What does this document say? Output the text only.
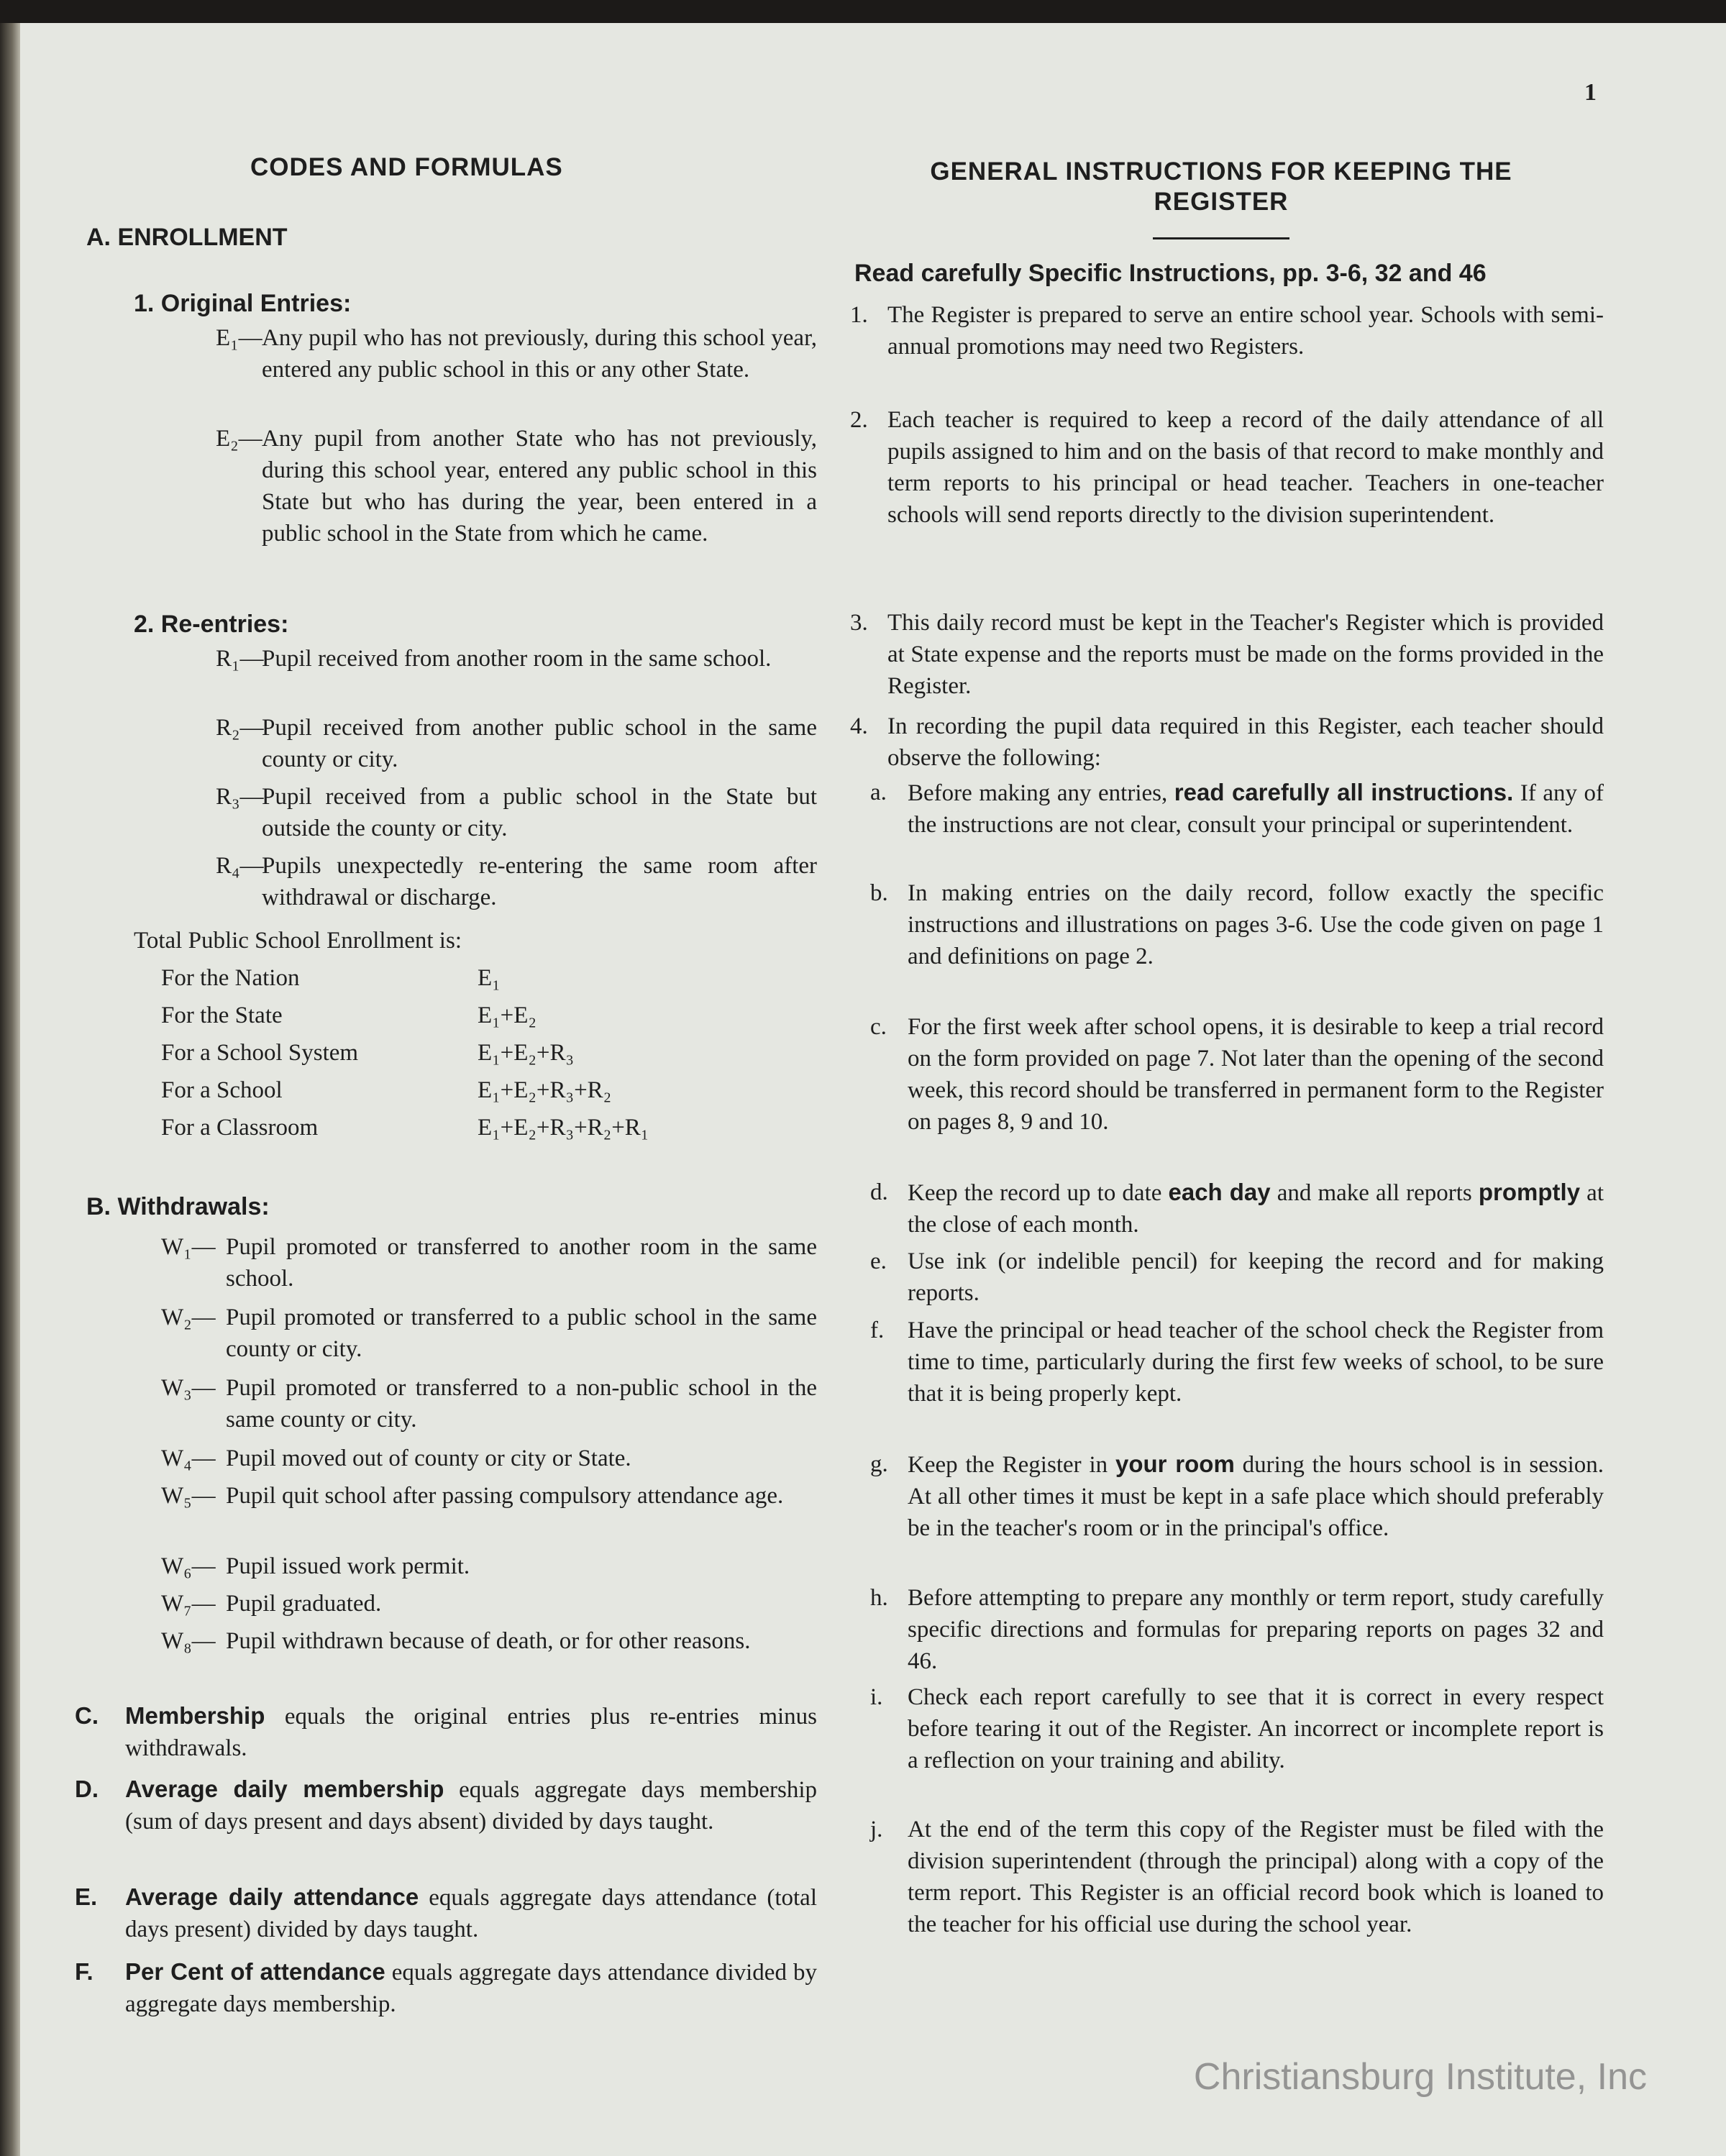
1
CODES AND FORMULAS
A. ENROLLMENT
1. Original Entries:
E₁— Any pupil who has not previously, during this school year, entered any public school in this or any other State.
E₂— Any pupil from another State who has not previously, during this school year, entered any public school in this State but who has during the year, been entered in a public school in the State from which he came.
2. Re-entries:
R₁—
Pupil received from another room in the same school.
R₂—
Pupil received from another public school in the same county or city.
R₃—
Pupil received from a public school in the State but outside the county or city.
R₄—
Pupils unexpectedly re-entering the same room after withdrawal or discharge.
Total Public School Enrollment is:
For the Nation	E₁
For the State	E₁+E₂
For a School System	E₁+E₂+R₃
For a School	E₁+E₂+R₃+R₂
For a Classroom	E₁+E₂+R₃+R₂+R₁
B. Withdrawals:
W₁— Pupil promoted or transferred to another room in the same school.
W₂— Pupil promoted or transferred to a public school in the same county or city.
W₃— Pupil promoted or transferred to a non-public school in the same county or city.
W₄— Pupil moved out of county or city or State.
W₅— Pupil quit school after passing compulsory attendance age.
W₆— Pupil issued work permit.
W₇— Pupil graduated.
W₈— Pupil withdrawn because of death, or for other reasons.
C.	Membership equals the original entries plus re-entries minus withdrawals.
D.	Average daily membership equals aggregate days membership (sum of days present and days absent) divided by days taught.
E.	Average daily attendance equals aggregate days attendance (total days present) divided by days taught.
F.	Per Cent of attendance equals aggregate days attendance divided by aggregate days membership.
GENERAL INSTRUCTIONS FOR KEEPING THE
REGISTER
Read carefully Specific Instructions, pp. 3-6, 32 and 46
1. The Register is prepared to serve an entire school year. Schools with semi-annual promotions may need two Registers.
2. Each teacher is required to keep a record of the daily attendance of all pupils assigned to him and on the basis of that record to make monthly and term reports to his principal or head teacher. Teachers in one-teacher schools will send reports directly to the division superintendent.
3. This daily record must be kept in the Teacher's Register which is provided at State expense and the reports must be made on the forms provided in the Register.
4. In recording the pupil data required in this Register, each teacher should observe the following:
a. Before making any entries, read carefully all instructions. If any of the instructions are not clear, consult your principal or superintendent.
b. In making entries on the daily record, follow exactly the specific instructions and illustrations on pages 3-6. Use the code given on page 1 and definitions on page 2.
c. For the first week after school opens, it is desirable to keep a trial record on the form provided on page 7. Not later than the opening of the second week, this record should be transferred in permanent form to the Register on pages 8, 9 and 10.
d. Keep the record up to date each day and make all reports promptly at the close of each month.
e. Use ink (or indelible pencil) for keeping the record and for making reports.
f. Have the principal or head teacher of the school check the Register from time to time, particularly during the first few weeks of school, to be sure that it is being properly kept.
g. Keep the Register in your room during the hours school is in session. At all other times it must be kept in a safe place which should preferably be in the teacher's room or in the principal's office.
h. Before attempting to prepare any monthly or term report, study carefully specific directions and formulas for preparing reports on pages 32 and 46.
i.	Check each report carefully to see that it is correct in every respect before tearing it out of the Register. An incorrect or incomplete report is a reflection on your training and ability.
j.	At the end of the term this copy of the Register must be filed with the division superintendent (through the principal) along with a copy of the term report. This Register is an official record book which is loaned to the teacher for his official use during the school year.
Christiansburg Institute, Inc
